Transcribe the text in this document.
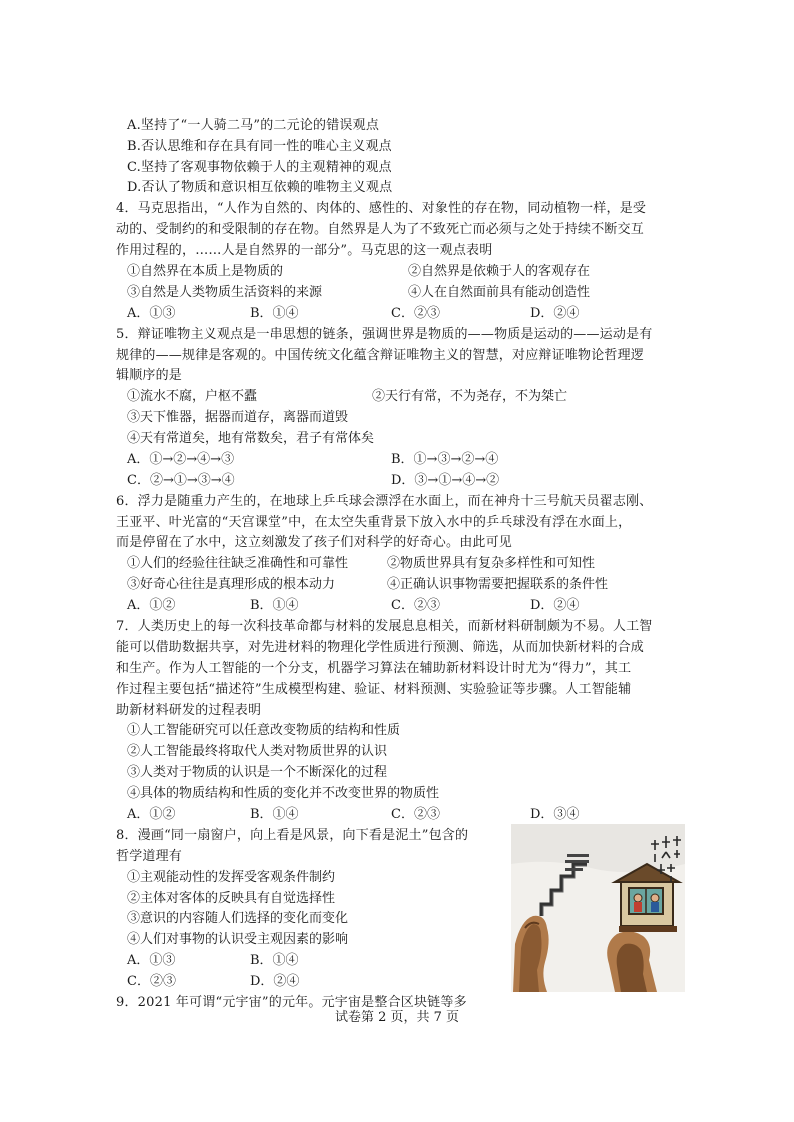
A.坚持了“一人骑二马”的二元论的错误观点
B.否认思维和存在具有同一性的唯心主义观点
C.坚持了客观事物依赖于人的主观精神的观点
D.否认了物质和意识相互依赖的唯物主义观点
4．马克思指出，“人作为自然的、肉体的、感性的、对象性的存在物，同动植物一样，是受
动的、受制约的和受限制的存在物。自然界是人为了不致死亡而必须与之处于持续不断交互
作用过程的，……人是自然界的一部分”。马克思的这一观点表明
①自然界在本质上是物质的	②自然界是依赖于人的客观存在
③自然是人类物质生活资料的来源	④人在自然面前具有能动创造性
A．①③	B．①④	C．②③	D．②④
5．辩证唯物主义观点是一串思想的链条，强调世界是物质的——物质是运动的——运动是有
规律的——规律是客观的。中国传统文化蕴含辩证唯物主义的智慧，对应辩证唯物论哲理逻
辑顺序的是
①流水不腐，户枢不蠹	②天行有常，不为尧存，不为桀亡
③天下惟器，据器而道存，离器而道毁
④天有常道矣，地有常数矣，君子有常体矣
A．①→②→④→③	B．①→③→②→④
C．②→①→③→④	D．③→①→④→②
6．浮力是随重力产生的，在地球上乒乓球会漂浮在水面上，而在神舟十三号航天员翟志刚、
王亚平、叶光富的“天宫课堂”中，在太空失重背景下放入水中的乒乓球没有浮在水面上，
而是停留在了水中，这立刻激发了孩子们对科学的好奇心。由此可见
①人们的经验往往缺乏准确性和可靠性	②物质世界具有复杂多样性和可知性
③好奇心往往是真理形成的根本动力	④正确认识事物需要把握联系的条件性
A．①②	B．①④	C．②③	D．②④
7．人类历史上的每一次科技革命都与材料的发展息息相关，而新材料研制颇为不易。人工智
能可以借助数据共享，对先进材料的物理化学性质进行预测、筛选，从而加快新材料的合成
和生产。作为人工智能的一个分支，机器学习算法在辅助新材料设计时尤为“得力”，其工
作过程主要包括“描述符”生成模型构建、验证、材料预测、实验验证等步骤。人工智能辅
助新材料研发的过程表明
①人工智能研究可以任意改变物质的结构和性质
②人工智能最终将取代人类对物质世界的认识
③人类对于物质的认识是一个不断深化的过程
④具体的物质结构和性质的变化并不改变世界的物质性
A．①②	B．①④	C．②③	D．③④
8．漫画“同一扇窗户，向上看是风景，向下看是泥土”包含的
哲学道理有
①主观能动性的发挥受客观条件制约
②主体对客体的反映具有自觉选择性
③意识的内容随人们选择的变化而变化
④人们对事物的认识受主观因素的影响
A．①③	B．①④
C．②③	D．②④
9．2021 年可谓“元宇宙”的元年。元宇宙是整合区块链等多
试卷第 2 页，共 7 页
